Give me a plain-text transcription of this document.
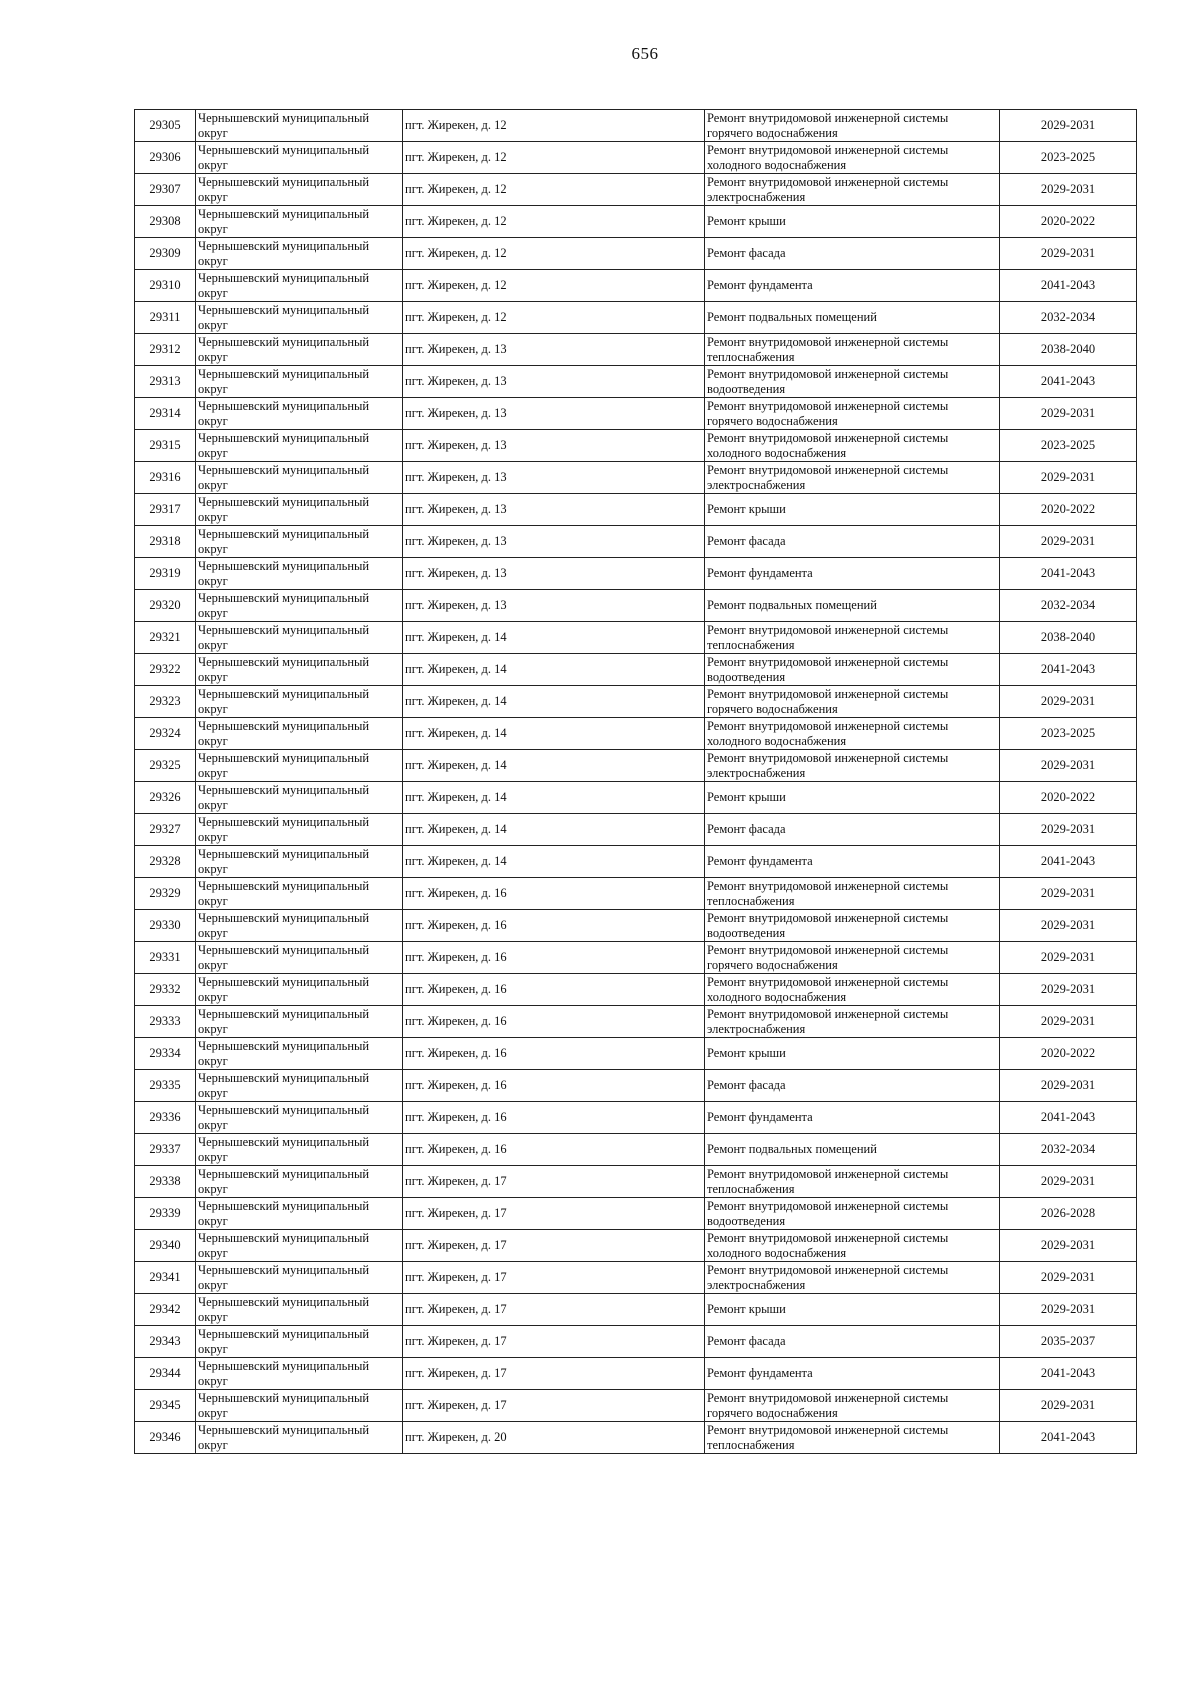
656
29305	Чернышевский муниципальный округ	пгт. Жирекен, д. 12	Ремонт внутридомовой инженерной системы горячего водоснабжения	2029-2031
29306	Чернышевский муниципальный округ	пгт. Жирекен, д. 12	Ремонт внутридомовой инженерной системы холодного водоснабжения	2023-2025
29307	Чернышевский муниципальный округ	пгт. Жирекен, д. 12	Ремонт внутридомовой инженерной системы электроснабжения	2029-2031
29308	Чернышевский муниципальный округ	пгт. Жирекен, д. 12	Ремонт крыши	2020-2022
29309	Чернышевский муниципальный округ	пгт. Жирекен, д. 12	Ремонт фасада	2029-2031
29310	Чернышевский муниципальный округ	пгт. Жирекен, д. 12	Ремонт фундамента	2041-2043
29311	Чернышевский муниципальный округ	пгт. Жирекен, д. 12	Ремонт подвальных помещений	2032-2034
29312	Чернышевский муниципальный округ	пгт. Жирекен, д. 13	Ремонт внутридомовой инженерной системы теплоснабжения	2038-2040
29313	Чернышевский муниципальный округ	пгт. Жирекен, д. 13	Ремонт внутридомовой инженерной системы водоотведения	2041-2043
29314	Чернышевский муниципальный округ	пгт. Жирекен, д. 13	Ремонт внутридомовой инженерной системы горячего водоснабжения	2029-2031
29315	Чернышевский муниципальный округ	пгт. Жирекен, д. 13	Ремонт внутридомовой инженерной системы холодного водоснабжения	2023-2025
29316	Чернышевский муниципальный округ	пгт. Жирекен, д. 13	Ремонт внутридомовой инженерной системы электроснабжения	2029-2031
29317	Чернышевский муниципальный округ	пгт. Жирекен, д. 13	Ремонт крыши	2020-2022
29318	Чернышевский муниципальный округ	пгт. Жирекен, д. 13	Ремонт фасада	2029-2031
29319	Чернышевский муниципальный округ	пгт. Жирекен, д. 13	Ремонт фундамента	2041-2043
29320	Чернышевский муниципальный округ	пгт. Жирекен, д. 13	Ремонт подвальных помещений	2032-2034
29321	Чернышевский муниципальный округ	пгт. Жирекен, д. 14	Ремонт внутридомовой инженерной системы теплоснабжения	2038-2040
29322	Чернышевский муниципальный округ	пгт. Жирекен, д. 14	Ремонт внутридомовой инженерной системы водоотведения	2041-2043
29323	Чернышевский муниципальный округ	пгт. Жирекен, д. 14	Ремонт внутридомовой инженерной системы горячего водоснабжения	2029-2031
29324	Чернышевский муниципальный округ	пгт. Жирекен, д. 14	Ремонт внутридомовой инженерной системы холодного водоснабжения	2023-2025
29325	Чернышевский муниципальный округ	пгт. Жирекен, д. 14	Ремонт внутридомовой инженерной системы электроснабжения	2029-2031
29326	Чернышевский муниципальный округ	пгт. Жирекен, д. 14	Ремонт крыши	2020-2022
29327	Чернышевский муниципальный округ	пгт. Жирекен, д. 14	Ремонт фасада	2029-2031
29328	Чернышевский муниципальный округ	пгт. Жирекен, д. 14	Ремонт фундамента	2041-2043
29329	Чернышевский муниципальный округ	пгт. Жирекен, д. 16	Ремонт внутридомовой инженерной системы теплоснабжения	2029-2031
29330	Чернышевский муниципальный округ	пгт. Жирекен, д. 16	Ремонт внутридомовой инженерной системы водоотведения	2029-2031
29331	Чернышевский муниципальный округ	пгт. Жирекен, д. 16	Ремонт внутридомовой инженерной системы горячего водоснабжения	2029-2031
29332	Чернышевский муниципальный округ	пгт. Жирекен, д. 16	Ремонт внутридомовой инженерной системы холодного водоснабжения	2029-2031
29333	Чернышевский муниципальный округ	пгт. Жирекен, д. 16	Ремонт внутридомовой инженерной системы электроснабжения	2029-2031
29334	Чернышевский муниципальный округ	пгт. Жирекен, д. 16	Ремонт крыши	2020-2022
29335	Чернышевский муниципальный округ	пгт. Жирекен, д. 16	Ремонт фасада	2029-2031
29336	Чернышевский муниципальный округ	пгт. Жирекен, д. 16	Ремонт фундамента	2041-2043
29337	Чернышевский муниципальный округ	пгт. Жирекен, д. 16	Ремонт подвальных помещений	2032-2034
29338	Чернышевский муниципальный округ	пгт. Жирекен, д. 17	Ремонт внутридомовой инженерной системы теплоснабжения	2029-2031
29339	Чернышевский муниципальный округ	пгт. Жирекен, д. 17	Ремонт внутридомовой инженерной системы водоотведения	2026-2028
29340	Чернышевский муниципальный округ	пгт. Жирекен, д. 17	Ремонт внутридомовой инженерной системы холодного водоснабжения	2029-2031
29341	Чернышевский муниципальный округ	пгт. Жирекен, д. 17	Ремонт внутридомовой инженерной системы электроснабжения	2029-2031
29342	Чернышевский муниципальный округ	пгт. Жирекен, д. 17	Ремонт крыши	2029-2031
29343	Чернышевский муниципальный округ	пгт. Жирекен, д. 17	Ремонт фасада	2035-2037
29344	Чернышевский муниципальный округ	пгт. Жирекен, д. 17	Ремонт фундамента	2041-2043
29345	Чернышевский муниципальный округ	пгт. Жирекен, д. 17	Ремонт внутридомовой инженерной системы горячего водоснабжения	2029-2031
29346	Чернышевский муниципальный округ	пгт. Жирекен, д. 20	Ремонт внутридомовой инженерной системы теплоснабжения	2041-2043
